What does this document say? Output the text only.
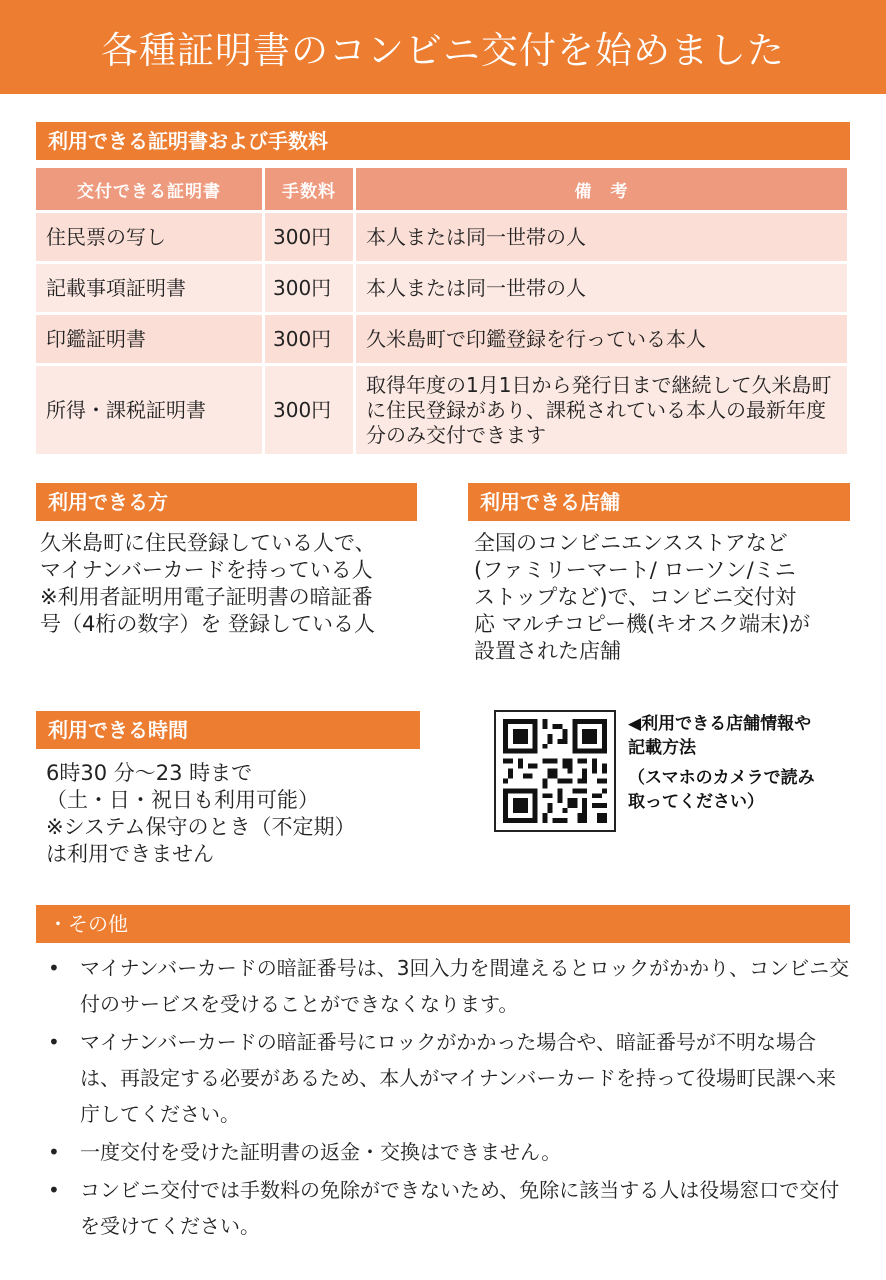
各種証明書のコンビニ交付を始めました
利用できる証明書および手数料
交付できる証明書	手数料	備　考
住民票の写し	300円	本人または同一世帯の人
記載事項証明書	300円	本人または同一世帯の人
印鑑証明書	300円	久米島町で印鑑登録を行っている本人
所得・課税証明書	300円	取得年度の1月1日から発行日まで継続して久米島町に住民登録があり、課税されている本人の最新年度分のみ交付できます
利用できる方
久米島町に住民登録している人で、
マイナンバーカードを持っている人
※利用者証明用電子証明書の暗証番
号（4桁の数字）を 登録している人
利用できる店舗
全国のコンビニエンスストアなど
(ファミリーマート/ ローソン/ミニ
ストップなど)で、コンビニ交付対
応 マルチコピー機(キオスク端末)が
設置された店舗
利用できる時間
6時30 分～23 時まで
（土・日・祝日も利用可能）
※システム保守のとき（不定期）
は利用できません
◀利用できる店舗情報や
記載方法
（スマホのカメラで読み
取ってください）
・その他
• マイナンバーカードの暗証番号は、3回入力を間違えるとロックがかかり、コンビニ交付のサービスを受けることができなくなります。
• マイナンバーカードの暗証番号にロックがかかった場合や、暗証番号が不明な場合は、再設定する必要があるため、本人がマイナンバーカードを持って役場町民課へ来庁してください。
• 一度交付を受けた証明書の返金・交換はできません。
• コンビニ交付では手数料の免除ができないため、免除に該当する人は役場窓口で交付を受けてください。
